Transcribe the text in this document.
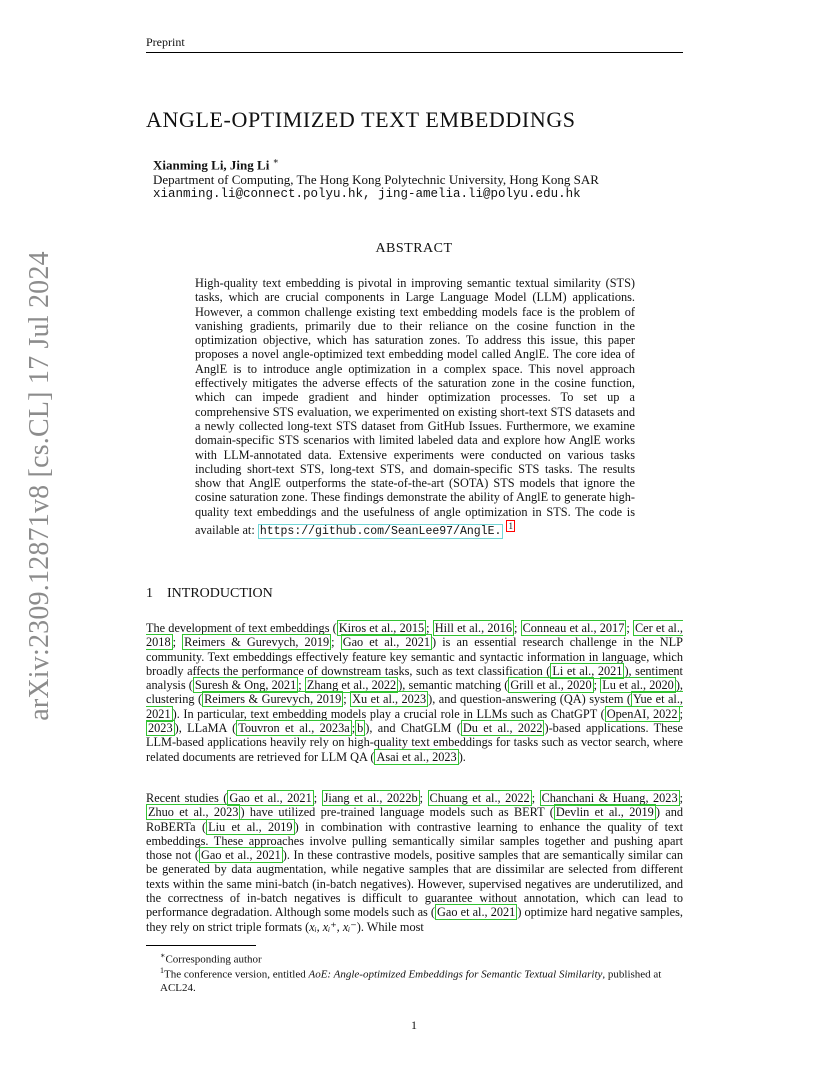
Preprint
arXiv:2309.12871v8 [cs.CL] 17 Jul 2024
ANGLE-OPTIMIZED TEXT EMBEDDINGS
Xianming Li, Jing Li ∗
Department of Computing, The Hong Kong Polytechnic University, Hong Kong SAR
xianming.li@connect.polyu.hk, jing-amelia.li@polyu.edu.hk
ABSTRACT
High-quality text embedding is pivotal in improving semantic textual similarity (STS) tasks, which are crucial components in Large Language Model (LLM) applications. However, a common challenge existing text embedding models face is the problem of vanishing gradients, primarily due to their reliance on the cosine function in the optimization objective, which has saturation zones. To address this issue, this paper proposes a novel angle-optimized text embedding model called AnglE. The core idea of AnglE is to introduce angle optimization in a complex space. This novel approach effectively mitigates the adverse effects of the saturation zone in the cosine function, which can impede gradient and hinder optimization processes. To set up a comprehensive STS evaluation, we experimented on existing short-text STS datasets and a newly collected long-text STS dataset from GitHub Issues. Furthermore, we examine domain-specific STS scenarios with limited labeled data and explore how AnglE works with LLM-annotated data. Extensive experiments were conducted on various tasks including short-text STS, long-text STS, and domain-specific STS tasks. The results show that AnglE outperforms the state-of-the-art (SOTA) STS models that ignore the cosine saturation zone. These findings demonstrate the ability of AnglE to generate high-quality text embeddings and the usefulness of angle optimization in STS. The code is available at: https://github.com/SeanLee97/AnglE. $^1$
1 INTRODUCTION
The development of text embeddings ( Kiros et al., 2015 ; Hill et al., 2016 ; Conneau et al., 2017 ; Cer et al., 2018 ; Reimers & Gurevych, 2019 ; Gao et al., 2021 ) is an essential research challenge in the NLP community. Text embeddings effectively feature key semantic and syntactic information in language, which broadly affects the performance of downstream tasks, such as text classification ( Li et al., 2021 ), sentiment analysis ( Suresh & Ong, 2021 ; Zhang et al., 2022 ), semantic matching ( Grill et al., 2020 ; Lu et al., 2020 ), clustering ( Reimers & Gurevych, 2019 ; Xu et al., 2023 ), and question-answering (QA) system ( Yue et al., 2021 ). In particular, text embedding models play a crucial role in LLMs such as ChatGPT ( OpenAI, 2022 ; 2023 ), LLaMA ( Touvron et al., 2023a ; b ), and ChatGLM ( Du et al., 2022 )-based applications. These LLM-based applications heavily rely on high-quality text embeddings for tasks such as vector search, where related documents are retrieved for LLM QA ( Asai et al., 2023 ).
Recent studies ( Gao et al., 2021 ; Jiang et al., 2022b ; Chuang et al., 2022 ; Chanchani & Huang, 2023 ; Zhuo et al., 2023 ) have utilized pre-trained language models such as BERT ( Devlin et al., 2019 ) and RoBERTa ( Liu et al., 2019 ) in combination with contrastive learning to enhance the quality of text embeddings. These approaches involve pulling semantically similar samples together and pushing apart those not ( Gao et al., 2021 ). In these contrastive models, positive samples that are semantically similar can be generated by data augmentation, while negative samples that are dissimilar are selected from different texts within the same mini-batch (in-batch negatives). However, supervised negatives are underutilized, and the correctness of in-batch negatives is difficult to guarantee without annotation, which can lead to performance degradation. Although some models such as ( Gao et al., 2021 ) optimize hard negative samples, they rely on strict triple formats (xᵢ, xᵢ⁺, xᵢ⁻). While most
∗Corresponding author
$^1$The conference version, entitled AoE: Angle-optimized Embeddings for Semantic Textual Similarity, published at ACL24.
1
